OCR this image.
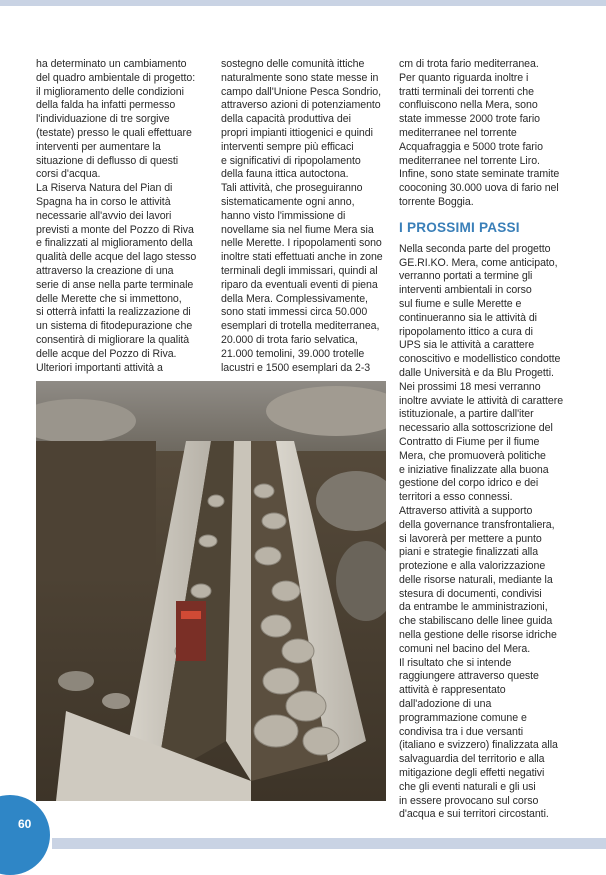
ha determinato un cambiamento

del quadro ambientale di progetto:

il miglioramento delle condizioni

della falda ha infatti permesso

l'individuazione di tre sorgive

(testate) presso le quali effettuare

interventi per aumentare la

situazione di deflusso di questi

corsi d'acqua.

La Riserva Natura del Pian di

Spagna ha in corso le attività

necessarie all'avvio dei lavori

previsti a monte del Pozzo di Riva

e finalizzati al miglioramento della

qualità delle acque del lago stesso

attraverso la creazione di una

serie di anse nella parte terminale

delle Merette che si immettono,

si otterrà infatti la realizzazione di

un sistema di fitodepurazione che

consentirà di migliorare la qualità

delle acque del Pozzo di Riva.

Ulteriori importanti attività a

sostegno delle comunità ittiche

naturalmente sono state messe in

campo dall'Unione Pesca Sondrio,

attraverso azioni di potenziamento

della capacità produttiva dei

propri impianti ittiogenici e quindi

interventi sempre più efficaci

e significativi di ripopolamento

della fauna ittica autoctona.

Tali attività, che proseguiranno

sistematicamente ogni anno,

hanno visto l'immissione di

novellame sia nel fiume Mera sia

nelle Merette. I ripopolamenti sono

inoltre stati effettuati anche in zone

terminali degli immissari, quindi al

riparo da eventuali eventi di piena

della Mera. Complessivamente,

sono stati immessi circa 50.000

esemplari di trotella mediterranea,

20.000 di trota fario selvatica,

21.000 temolini, 39.000 trotelle

lacustri e 1500 esemplari da 2-3

cm di trota fario mediterranea.

Per quanto riguarda inoltre i

tratti terminali dei torrenti che

confluiscono nella Mera, sono

state immesse 2000 trote fario

mediterranee nel torrente

Acquafraggia e 5000 trote fario

mediterranee nel torrente Liro.

Infine, sono state seminate tramite

cooconing 30.000 uova di fario nel

torrente Boggia.

I PROSSIMI PASSI

Nella seconda parte del progetto

GE.RI.KO. Mera, come anticipato,

verranno portati a termine gli

interventi ambientali in corso

sul fiume e sulle Merette e

continueranno sia le attività di

ripopolamento ittico a cura di

UPS sia le attività a carattere

conoscitivo e modellistico condotte

dalle Università e da Blu Progetti.

Nei prossimi 18 mesi verranno

inoltre avviate le attività di carattere

istituzionale, a partire dall'iter

necessario alla sottoscrizione del

Contratto di Fiume per il fiume

Mera, che promuoverà politiche

e iniziative finalizzate alla buona

gestione del corpo idrico e dei

territori a esso connessi.

Attraverso attività a supporto

della governance transfrontaliera,

si lavorerà per mettere a punto

piani e strategie finalizzati alla

protezione e alla valorizzazione

delle risorse naturali, mediante la

stesura di documenti, condivisi

da entrambe le amministrazioni,

che stabiliscano delle linee guida

nella gestione delle risorse idriche

comuni nel bacino del Mera.

Il risultato che si intende

raggiungere attraverso queste

attività è rappresentato

dall'adozione di una

programmazione comune e

condivisa tra i due versanti

(italiano e svizzero) finalizzata alla

salvaguardia del territorio e alla

mitigazione degli effetti negativi

che gli eventi naturali e gli usi

in essere provocano sul corso

d'acqua e sui territori circostanti.

60
